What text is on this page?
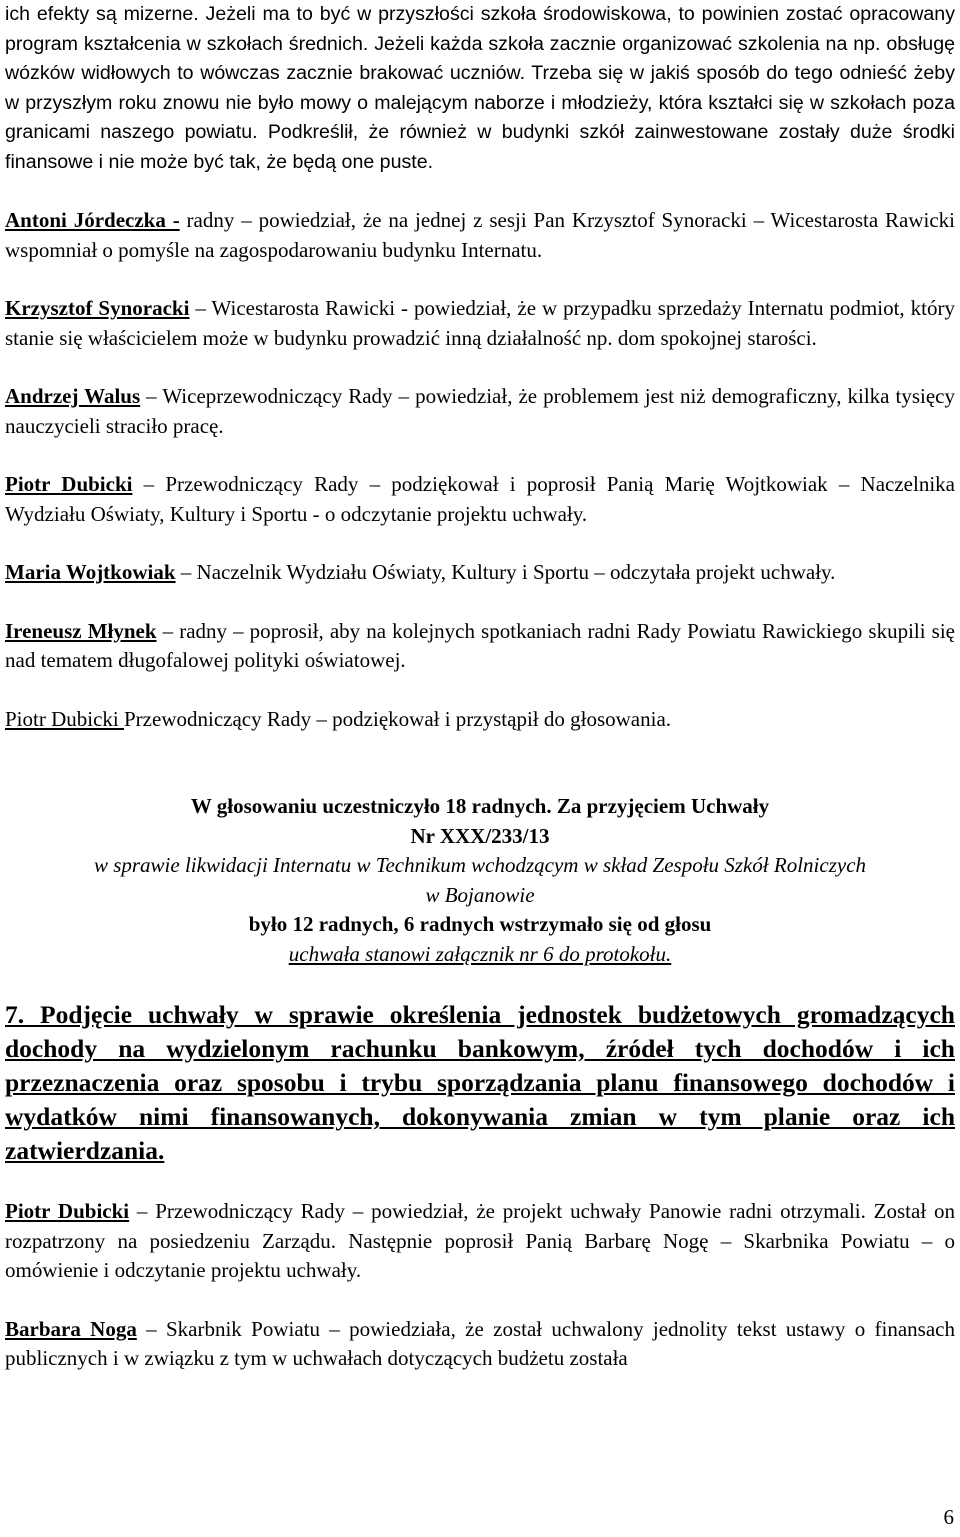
ich efekty są mizerne. Jeżeli ma to być w przyszłości szkoła środowiskowa, to powinien zostać opracowany program kształcenia w szkołach średnich. Jeżeli każda szkoła zacznie organizować szkolenia na np. obsługę wózków widłowych to wówczas zacznie brakować uczniów. Trzeba się w jakiś sposób do tego odnieść żeby w przyszłym roku znowu nie było mowy o malejącym naborze i młodzieży, która kształci się w szkołach poza granicami naszego powiatu. Podkreślił, że również w budynki szkół zainwestowane zostały duże środki finansowe i nie może być tak, że będą one puste.

Antoni Jórdeczka - radny – powiedział, że na jednej z sesji Pan Krzysztof Synoracki – Wicestarosta Rawicki wspomniał o pomyśle na zagospodarowaniu budynku Internatu.

Krzysztof Synoracki – Wicestarosta Rawicki - powiedział, że w przypadku sprzedaży Internatu podmiot, który stanie się właścicielem może w budynku prowadzić inną działalność np. dom spokojnej starości.

Andrzej Walus – Wiceprzewodniczący Rady – powiedział, że problemem jest niż demograficzny, kilka tysięcy nauczycieli straciło pracę.

Piotr Dubicki – Przewodniczący Rady – podziękował i poprosił Panią Marię Wojtkowiak – Naczelnika Wydziału Oświaty, Kultury i Sportu - o odczytanie projektu uchwały.

Maria Wojtkowiak – Naczelnik Wydziału Oświaty, Kultury i Sportu – odczytała projekt uchwały.

Ireneusz Młynek – radny – poprosił, aby na kolejnych spotkaniach radni Rady Powiatu Rawickiego skupili się nad tematem długofalowej polityki oświatowej.

Piotr Dubicki Przewodniczący Rady – podziękował i przystąpił do głosowania.

W głosowaniu uczestniczyło 18 radnych. Za przyjęciem Uchwały

Nr XXX/233/13

w sprawie likwidacji Internatu w Technikum wchodzącym w skład Zespołu Szkół Rolniczych

w Bojanowie

było 12 radnych, 6 radnych wstrzymało się od głosu

uchwała stanowi załącznik nr 6 do protokołu.

7. Podjęcie uchwały w sprawie określenia jednostek budżetowych gromadzących dochody na wydzielonym rachunku bankowym, źródeł tych dochodów i ich przeznaczenia oraz sposobu i trybu sporządzania planu finansowego dochodów i wydatków nimi finansowanych, dokonywania zmian w tym planie oraz ich zatwierdzania.

Piotr Dubicki – Przewodniczący Rady – powiedział, że projekt uchwały Panowie radni otrzymali. Został on rozpatrzony na posiedzeniu Zarządu. Następnie poprosił Panią Barbarę Nogę – Skarbnika Powiatu – o omówienie i odczytanie projektu uchwały.

Barbara Noga – Skarbnik Powiatu – powiedziała, że został uchwalony jednolity tekst ustawy o finansach publicznych i w związku z tym w uchwałach dotyczących budżetu została

6
